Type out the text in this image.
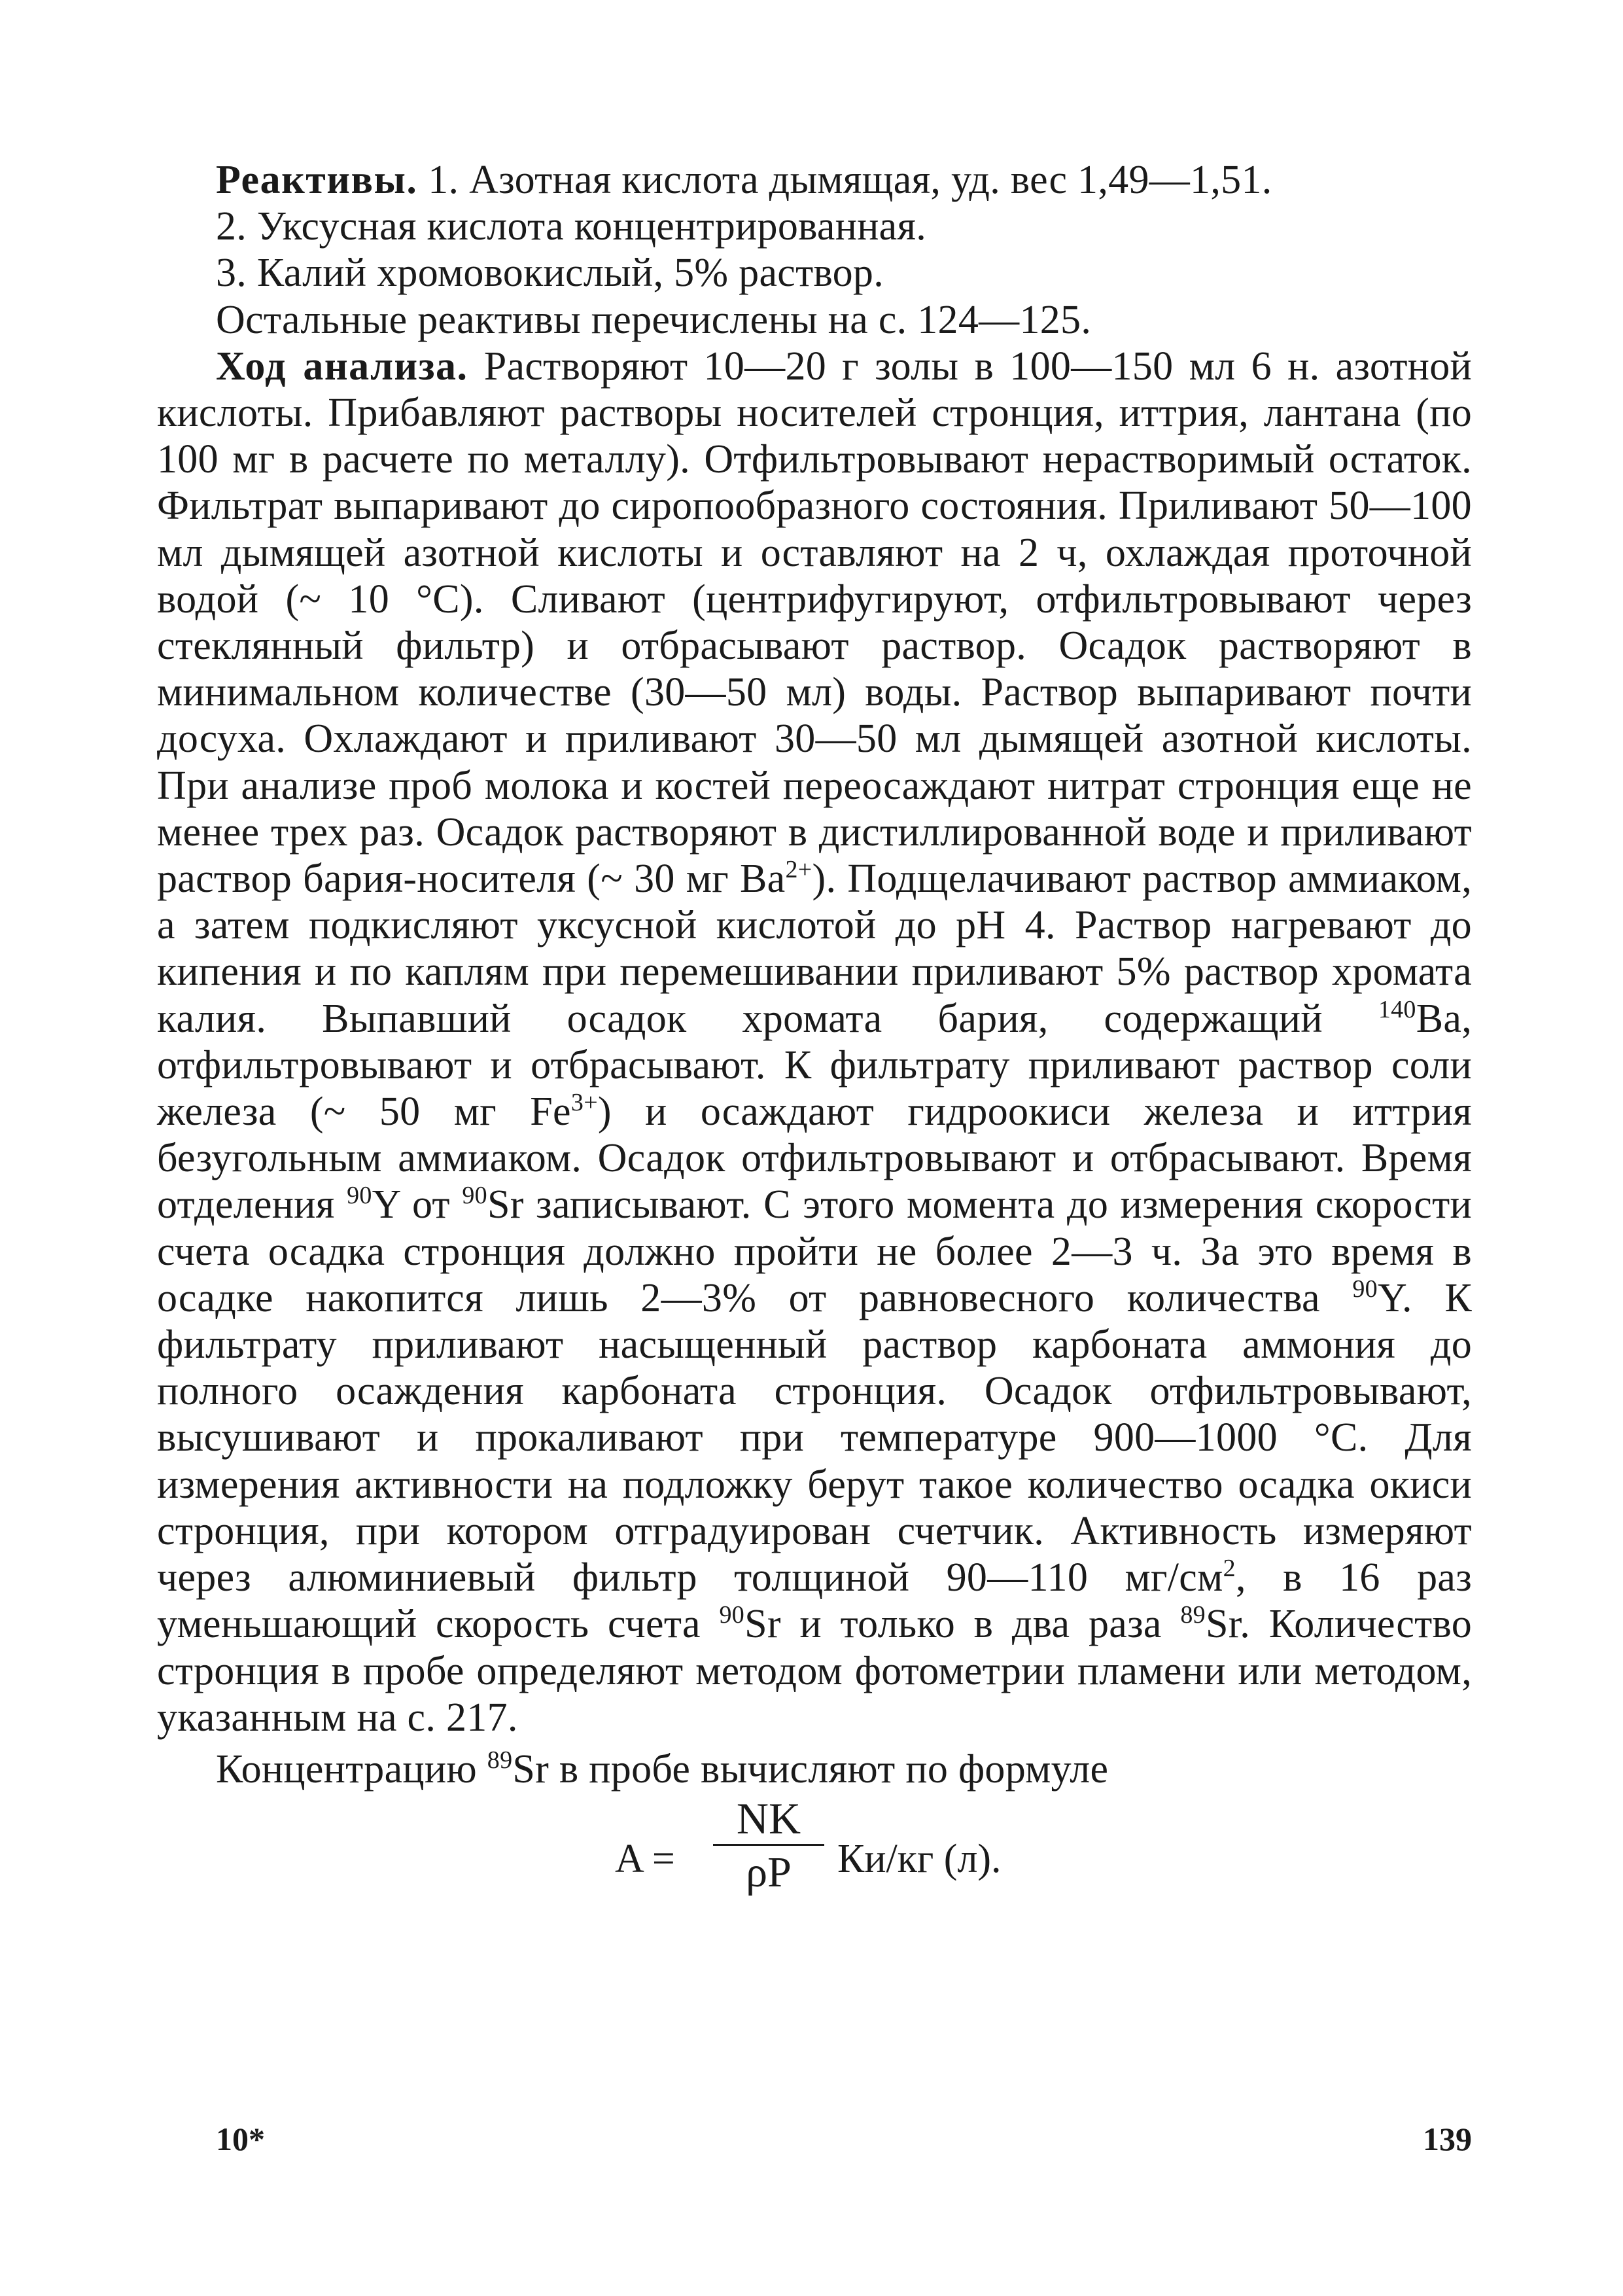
Реактивы. 1. Азотная кислота дымящая, уд. вес 1,49—1,51.

2. Уксусная кислота концентрированная.

3. Калий хромовокислый, 5% раствор.

Остальные реактивы перечислены на с. 124—125.

Ход анализа. Растворяют 10—20 г золы в 100—150 мл 6 н. азотной кислоты. Прибавляют растворы носителей стронция, иттрия, лантана (по 100 мг в расчете по металлу). Отфильтровывают нерастворимый остаток. Фильтрат выпаривают до сиропообразного состояния. Приливают 50—100 мл дымящей азотной кислоты и оставляют на 2 ч, охлаждая проточной водой (~ 10 °С). Сливают (центрифугируют, отфильтровывают через стеклянный фильтр) и отбрасывают раствор. Осадок растворяют в минимальном количестве (30—50 мл) воды. Раствор выпаривают почти досуха. Охлаждают и приливают 30—50 мл дымящей азотной кислоты. При анализе проб молока и костей переосаждают нитрат стронция еще не менее трех раз. Осадок растворяют в дистиллированной воде и приливают раствор бария-носителя (~ 30 мг $Ba^{2+}$). Подщелачивают раствор аммиаком, а затем подкисляют уксусной кислотой до рН 4. Раствор нагревают до кипения и по каплям при перемешивании приливают 5% раствор хромата калия. Выпавший осадок хромата бария, содержащий $^{140}$Ba, отфильтровывают и отбрасывают. К фильтрату приливают раствор соли железа (~ 50 мг $Fe^{3+}$) и осаждают гидроокиси железа и иттрия безугольным аммиаком. Осадок отфильтровывают и отбрасывают. Время отделения $^{90}$Y от $^{90}$Sr записывают. С этого момента до измерения скорости счета осадка стронция должно пройти не более 2—3 ч. За это время в осадке накопится лишь 2—3% от равновесного количества $^{90}$Y. К фильтрату приливают насыщенный раствор карбоната аммония до полного осаждения карбоната стронция. Осадок отфильтровывают, высушивают и прокаливают при температуре 900—1000 °С. Для измерения активности на подложку берут такое количество осадка окиси стронция, при котором отградуирован счетчик. Активность измеряют через алюминиевый фильтр толщиной 90—110 $мг/см^2$, в 16 раз уменьшающий скорость счета $^{90}$Sr и только в два раза $^{89}$Sr. Количество стронция в пробе определяют методом фотометрии пламени или методом, указанным на с. 217.

Концентрацию $^{89}$Sr в пробе вычисляют по формуле

A =
NK
ρP	Ки/кг (л).
10*	139
